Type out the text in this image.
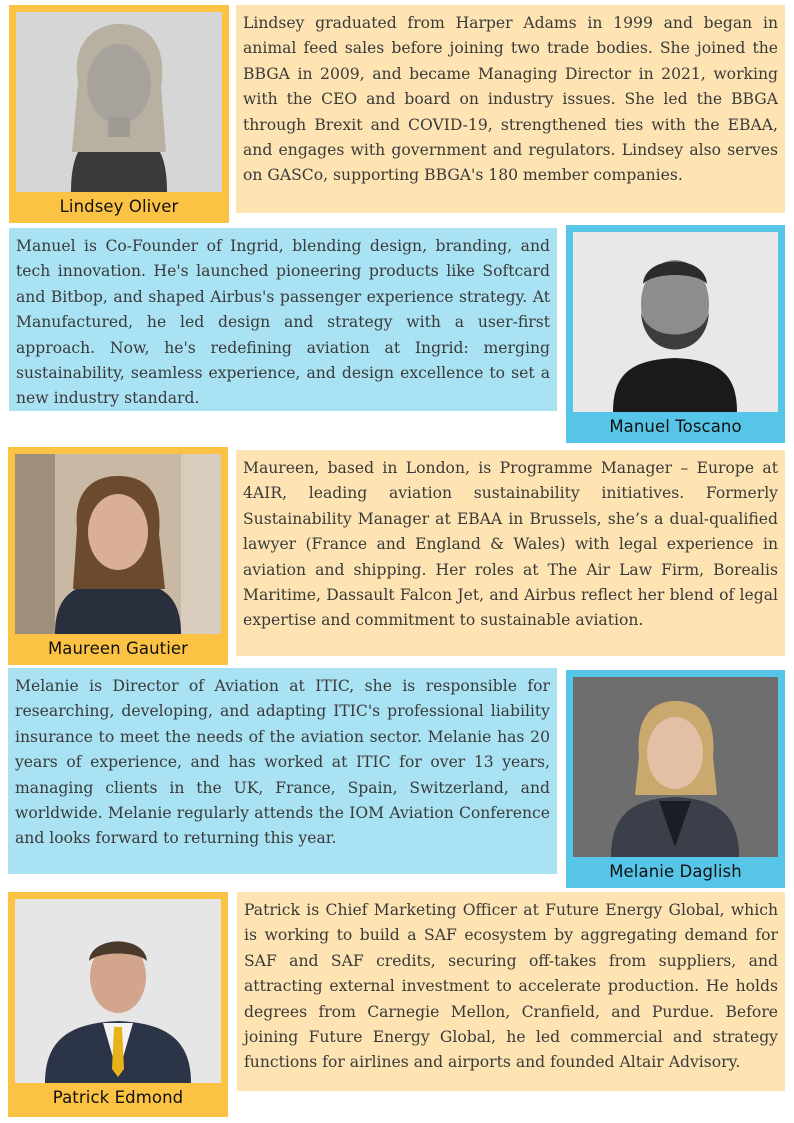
Lindsey Oliver
Lindsey graduated from Harper Adams in 1999 and began in animal feed sales before joining two trade bodies. She joined the BBGA in 2009, and became Managing Director in 2021, working with the CEO and board on industry issues. She led the BBGA through Brexit and COVID-19, strengthened ties with the EBAA, and engages with government and regulators. Lindsey also serves on GASCo, supporting BBGA's 180 member companies.
Manuel is Co-Founder of Ingrid, blending design, branding, and tech innovation. He's launched pioneering products like Softcard and Bitbop, and shaped Airbus's passenger experience strategy. At Manufactured, he led design and strategy with a user-first approach. Now, he's redefining aviation at Ingrid: merging sustainability, seamless experience, and design excellence to set a new industry standard.
Manuel Toscano
Maureen Gautier
Maureen, based in London, is Programme Manager – Europe at 4AIR, leading aviation sustainability initiatives. Formerly Sustainability Manager at EBAA in Brussels, she’s a dual-qualified lawyer (France and England & Wales) with legal experience in aviation and shipping. Her roles at The Air Law Firm, Borealis Maritime, Dassault Falcon Jet, and Airbus reflect her blend of legal expertise and commitment to sustainable aviation.
Melanie is Director of Aviation at ITIC, she is responsible for researching, developing, and adapting ITIC's professional liability insurance to meet the needs of the aviation sector. Melanie has 20 years of experience, and has worked at ITIC for over 13 years, managing clients in the UK, France, Spain, Switzerland, and worldwide. Melanie regularly attends the IOM Aviation Conference and looks forward to returning this year.
Melanie Daglish
Patrick Edmond
Patrick is Chief Marketing Officer at Future Energy Global, which is working to build a SAF ecosystem by aggregating demand for SAF and SAF credits, securing off-takes from suppliers, and attracting external investment to accelerate production. He holds degrees from Carnegie Mellon, Cranfield, and Purdue. Before joining Future Energy Global, he led commercial and strategy functions for airlines and airports and founded Altair Advisory.
